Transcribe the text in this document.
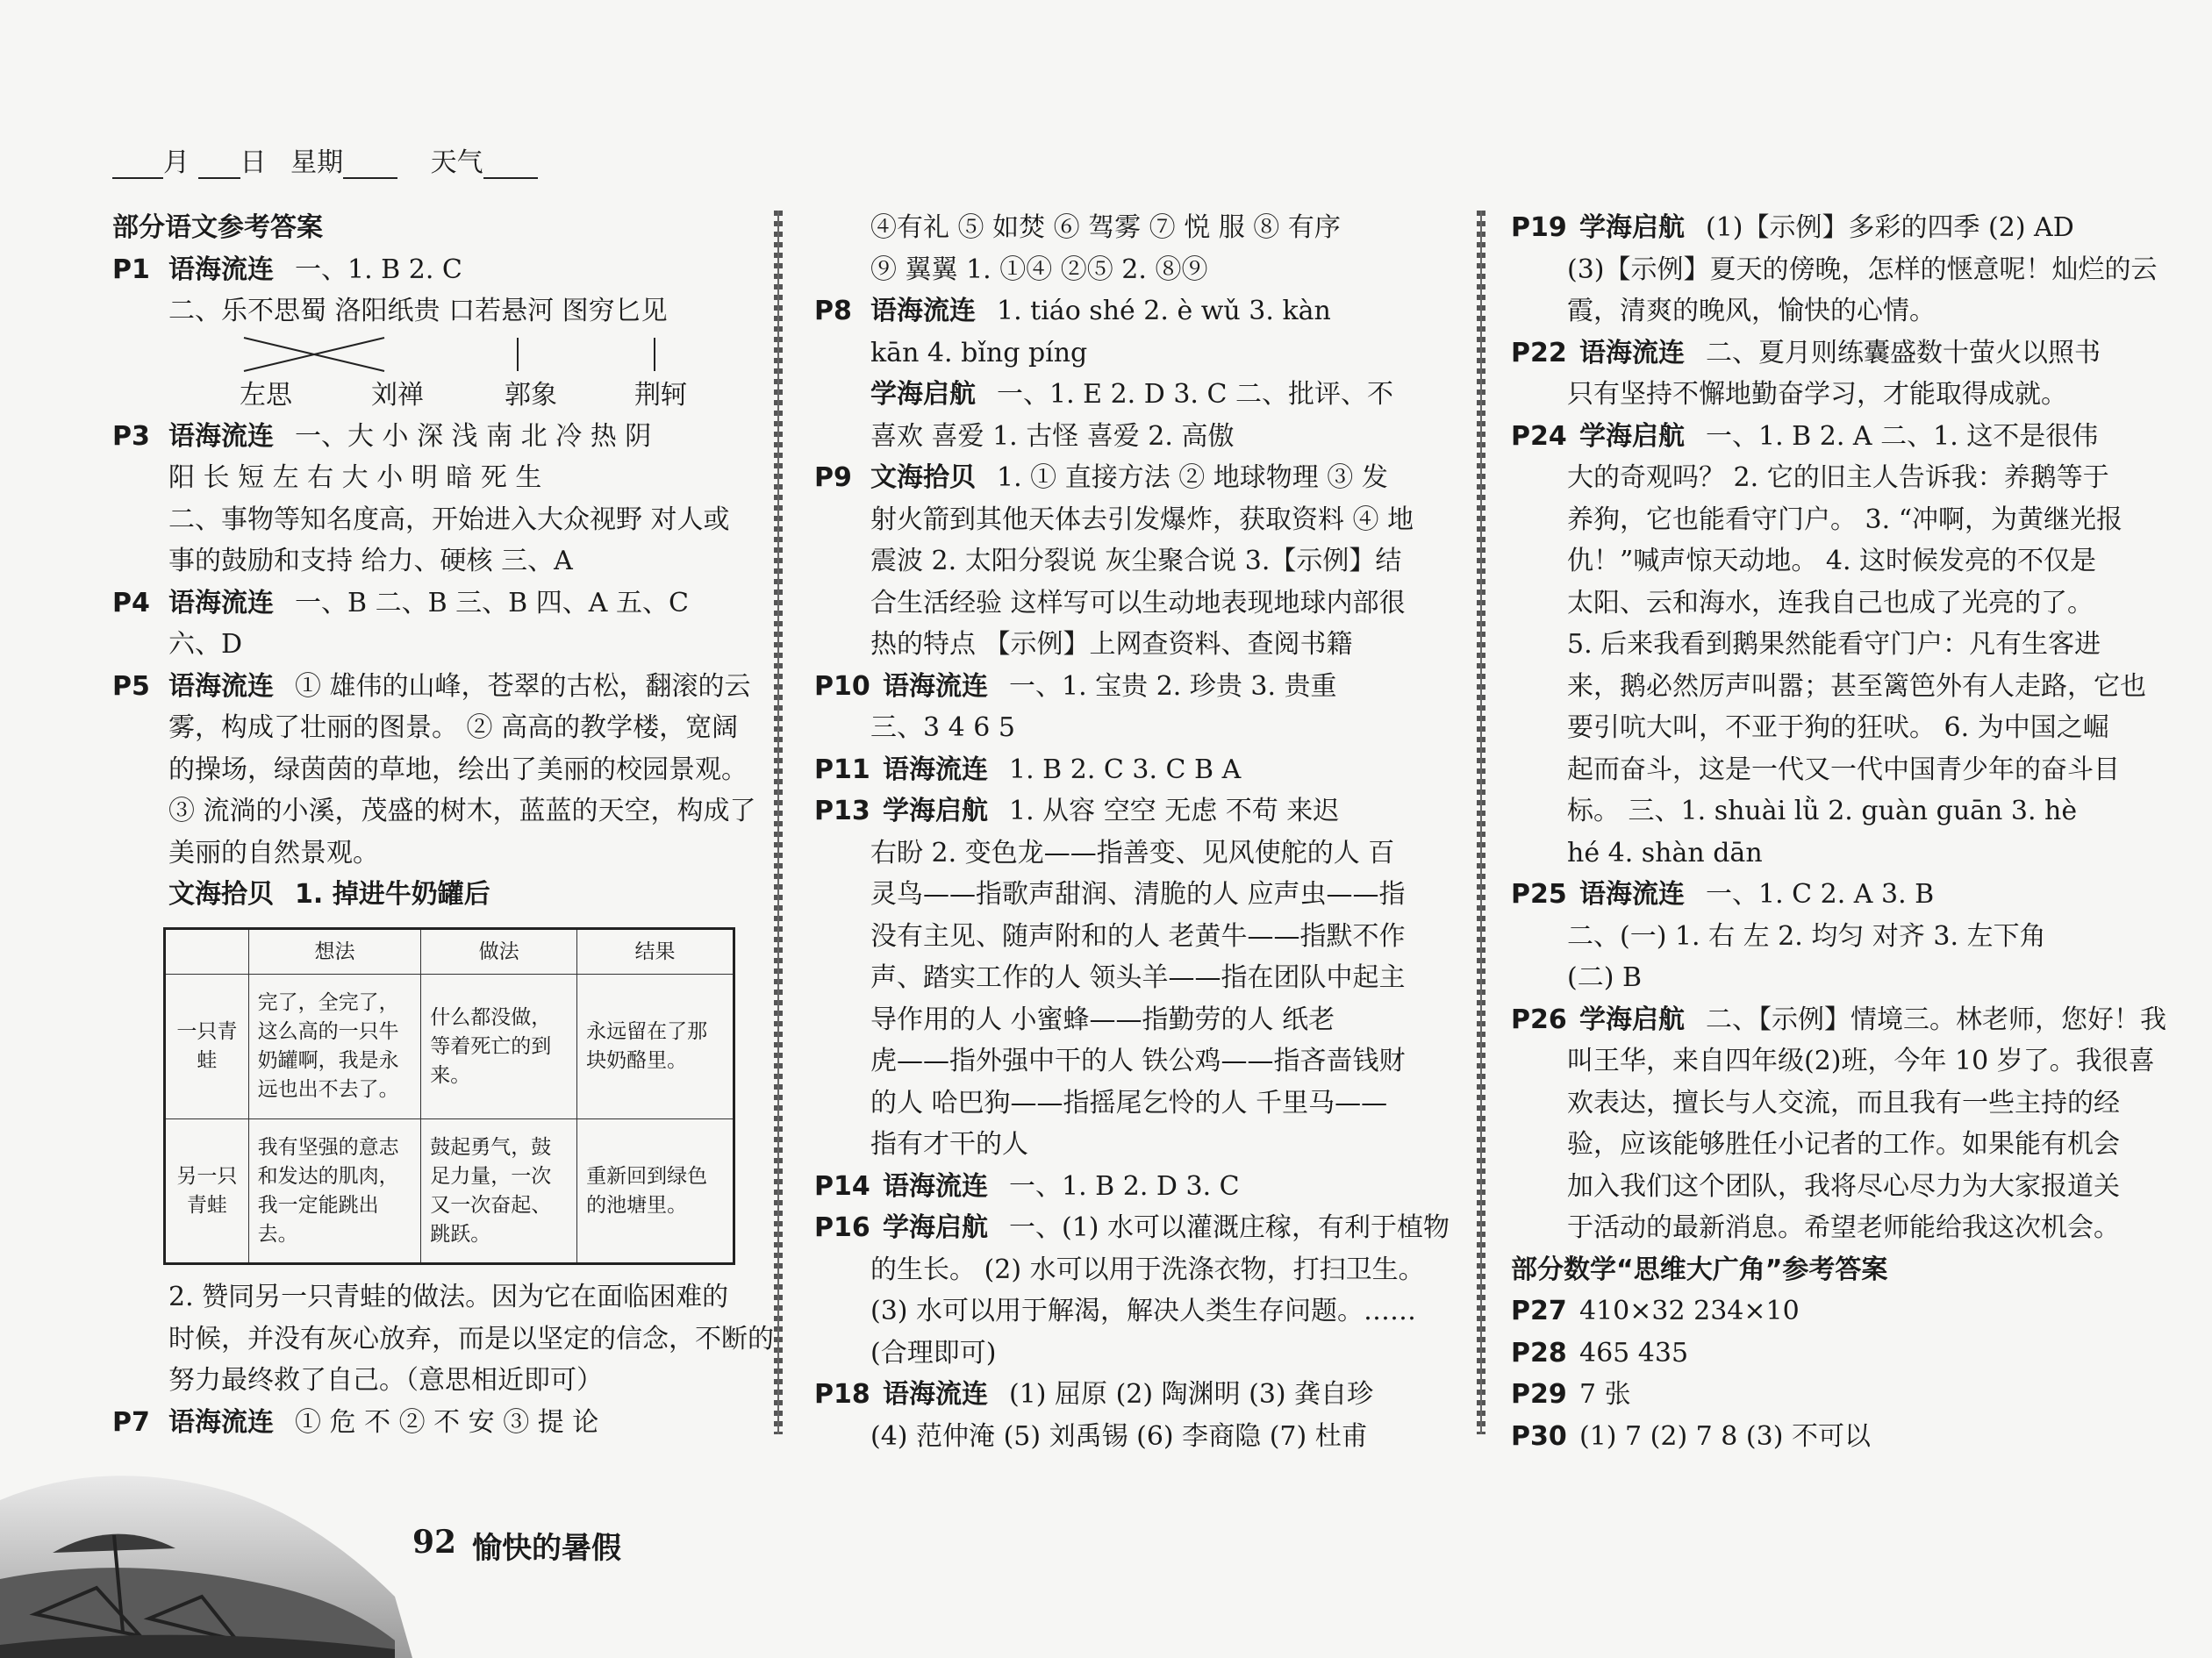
月 日 星期	天气
部分语文参考答案
P1 语海流连 一、1. B 2. C
二、乐不思蜀 洛阳纸贵 口若悬河 图穷匕见
左思	刘禅	郭象	荆轲
P3 语海流连 一、大 小 深 浅 南 北 冷 热 阴
阳 长 短 左 右 大 小 明 暗 死 生
二、事物等知名度高，开始进入大众视野 对人或
事的鼓励和支持 给力、硬核 三、A
P4 语海流连 一、B 二、B 三、B 四、A 五、C
六、D
P5 语海流连 ① 雄伟的山峰，苍翠的古松，翻滚的云
雾，构成了壮丽的图景。 ② 高高的教学楼，宽阔
的操场，绿茵茵的草地，绘出了美丽的校园景观。
③ 流淌的小溪，茂盛的树木，蓝蓝的天空，构成了
美丽的自然景观。
文海拾贝 1. 掉进牛奶罐后
	想法	做法	结果
一只青蛙	完了，全完了，这么高的一只牛奶罐啊，我是永远也出不去了。	什么都没做，等着死亡的到来。	永远留在了那块奶酪里。
另一只青蛙	我有坚强的意志和发达的肌肉，我一定能跳出去。	鼓起勇气，鼓足力量，一次又一次奋起、跳跃。	重新回到绿色的池塘里。
2. 赞同另一只青蛙的做法。因为它在面临困难的
时候，并没有灰心放弃，而是以坚定的信念，不断的
努力最终救了自己。（意思相近即可）
P7 语海流连 ① 危 不 ② 不 安 ③ 提 论
④有礼 ⑤ 如焚 ⑥ 驾雾 ⑦ 悦 服 ⑧ 有序
⑨ 翼翼 1. ①④ ②⑤ 2. ⑧⑨
P8 语海流连 1. tiáo shé 2. è wǔ 3. kàn
kān 4. bǐng píng
学海启航 一、1. E 2. D 3. C 二、批评、不
喜欢 喜爱 1. 古怪 喜爱 2. 高傲
P9 文海拾贝 1. ① 直接方法 ② 地球物理 ③ 发
射火箭到其他天体去引发爆炸，获取资料 ④ 地
震波 2. 太阳分裂说 灰尘聚合说 3.【示例】结
合生活经验 这样写可以生动地表现地球内部很
热的特点 【示例】上网查资料、查阅书籍
P10 语海流连 一、1. 宝贵 2. 珍贵 3. 贵重
三、3 4 6 5
P11 语海流连 1. B 2. C 3. C B A
P13 学海启航 1. 从容 空空 无虑 不苟 来迟
右盼 2. 变色龙——指善变、见风使舵的人 百
灵鸟——指歌声甜润、清脆的人 应声虫——指
没有主见、随声附和的人 老黄牛——指默不作
声、踏实工作的人 领头羊——指在团队中起主
导作用的人 小蜜蜂——指勤劳的人 纸老
虎——指外强中干的人 铁公鸡——指吝啬钱财
的人 哈巴狗——指摇尾乞怜的人 千里马——
指有才干的人
P14 语海流连 一、1. B 2. D 3. C
P16 学海启航 一、(1) 水可以灌溉庄稼，有利于植物
的生长。 (2) 水可以用于洗涤衣物，打扫卫生。
(3) 水可以用于解渴，解决人类生存问题。……
(合理即可)
P18 语海流连 (1) 屈原 (2) 陶渊明 (3) 龚自珍
(4) 范仲淹 (5) 刘禹锡 (6) 李商隐 (7) 杜甫
P19 学海启航 (1)【示例】多彩的四季 (2) AD
(3)【示例】夏天的傍晚，怎样的惬意呢！灿烂的云
霞，清爽的晚风，愉快的心情。
P22 语海流连 二、夏月则练囊盛数十萤火以照书
只有坚持不懈地勤奋学习，才能取得成就。
P24 学海启航 一、1. B 2. A 二、1. 这不是很伟
大的奇观吗？ 2. 它的旧主人告诉我：养鹅等于
养狗，它也能看守门户。 3. “冲啊，为黄继光报
仇！”喊声惊天动地。 4. 这时候发亮的不仅是
太阳、云和海水，连我自己也成了光亮的了。
5. 后来我看到鹅果然能看守门户：凡有生客进
来，鹅必然厉声叫嚣；甚至篱笆外有人走路，它也
要引吭大叫，不亚于狗的狂吠。 6. 为中国之崛
起而奋斗，这是一代又一代中国青少年的奋斗目
标。 三、1. shuài lǜ 2. guàn guān 3. hè
hé 4. shàn dān
P25 语海流连 一、1. C 2. A 3. B
二、(一) 1. 右 左 2. 均匀 对齐 3. 左下角
(二) B
P26 学海启航 二、【示例】情境三。林老师，您好！我
叫王华，来自四年级(2)班，今年 10 岁了。我很喜
欢表达，擅长与人交流，而且我有一些主持的经
验，应该能够胜任小记者的工作。如果能有机会
加入我们这个团队，我将尽心尽力为大家报道关
于活动的最新消息。希望老师能给我这次机会。
部分数学“思维大广角”参考答案
P27 410×32 234×10
P28 465 435
P29 7 张
P30 (1) 7 (2) 7 8 (3) 不可以
92 愉快的暑假
